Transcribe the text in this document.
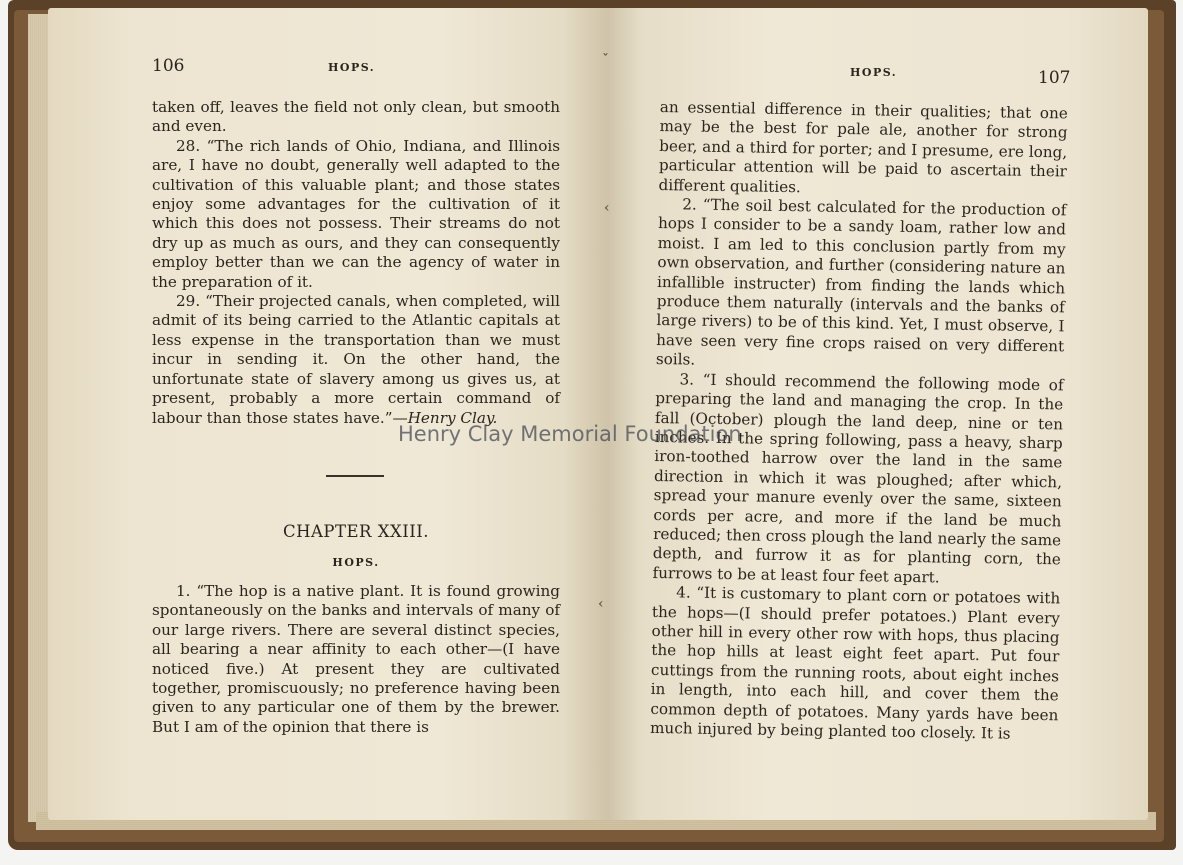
106	HOPS.

taken off, leaves the field not only clean, but smooth and even.

28. “The rich lands of Ohio, Indiana, and Illinois are, I have no doubt, generally well adapted to the cultivation of this valuable plant; and those states enjoy some advantages for the cultivation of it which this does not possess. Their streams do not dry up as much as ours, and they can consequently employ better than we can the agency of water in the preparation of it.

29. “Their projected canals, when completed, will admit of its being carried to the Atlantic capitals at less expense in the transportation than we must incur in sending it. On the other hand, the unfortunate state of slavery among us gives us, at present, probably a more certain command of labour than those states have.”—Henry Clay.

CHAPTER XXIII.
HOPS.

1. “The hop is a native plant. It is found growing spontaneously on the banks and intervals of many of our large rivers. There are several distinct species, all bearing a near affinity to each other—(I have noticed five.) At present they are cultivated together, promiscuously; no preference having been given to any particular one of them by the brewer. But I am of the opinion that there is

HOPS.	107

an essential difference in their qualities; that one may be the best for pale ale, another for strong beer, and a third for porter; and I presume, ere long, particular attention will be paid to ascertain their different qualities.

2. “The soil best calculated for the production of hops I consider to be a sandy loam, rather low and moist. I am led to this conclusion partly from my own observation, and further (considering nature an infallible instructer) from finding the lands which produce them naturally (intervals and the banks of large rivers) to be of this kind. Yet, I must observe, I have seen very fine crops raised on very different soils.

3. “I should recommend the following mode of preparing the land and managing the crop. In the fall (October) plough the land deep, nine or ten inches. In the spring following, pass a heavy, sharp iron-toothed harrow over the land in the same direction in which it was ploughed; after which, spread your manure evenly over the same, sixteen cords per acre, and more if the land be much reduced; then cross plough the land nearly the same depth, and furrow it as for planting corn, the furrows to be at least four feet apart.

4. “It is customary to plant corn or potatoes with the hops—(I should prefer potatoes.) Plant every other hill in every other row with hops, thus placing the hop hills at least eight feet apart. Put four cuttings from the running roots, about eight inches in length, into each hill, and cover them the common depth of potatoes. Many yards have been much injured by being planted too closely. It is

ˇ
‹
‹
Henry Clay Memorial Foundation
